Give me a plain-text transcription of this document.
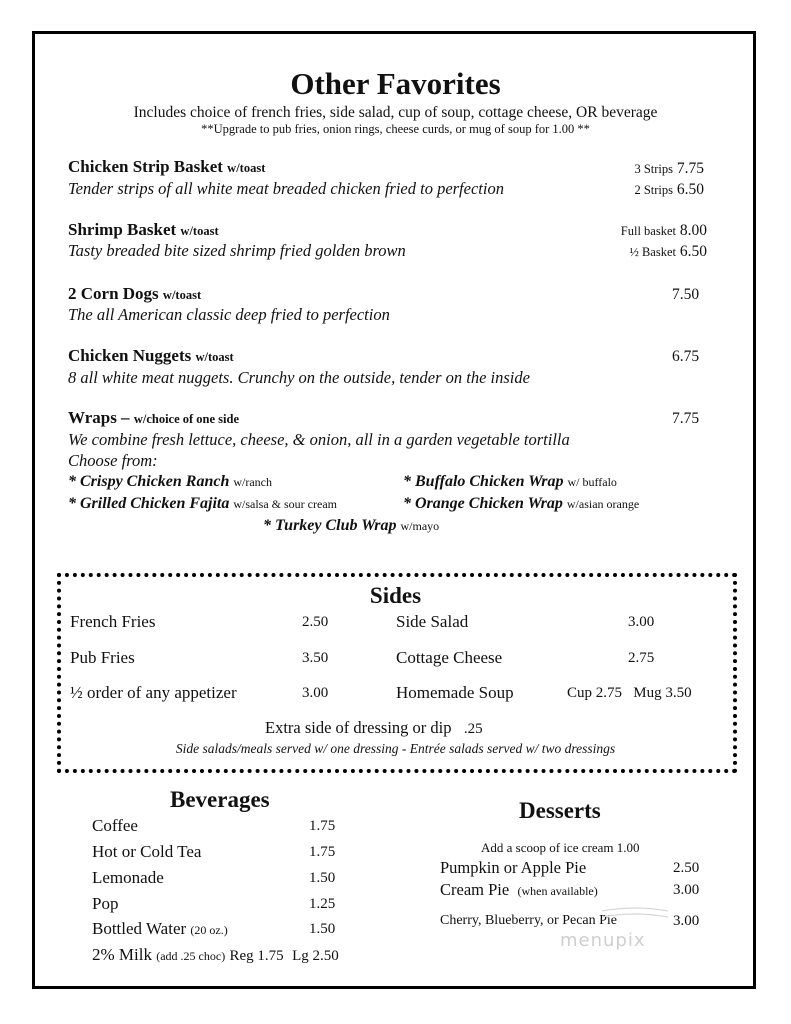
Other Favorites
Includes choice of french fries, side salad, cup of soup, cottage cheese, OR beverage
**Upgrade to pub fries, onion rings, cheese curds, or mug of soup for 1.00 **
Chicken Strip Basket w/toast
Tender strips of all white meat breaded chicken fried to perfection
3 Strips 7.75
2 Strips 6.50
Shrimp Basket w/toast
Tasty breaded bite sized shrimp fried golden brown
Full basket 8.00
½ Basket 6.50
2 Corn Dogs w/toast
The all American classic deep fried to perfection
7.50
Chicken Nuggets w/toast
8 all white meat nuggets. Crunchy on the outside, tender on the inside
6.75
Wraps – w/choice of one side
We combine fresh lettuce, cheese, & onion, all in a garden vegetable tortilla
7.75
Choose from:
* Crispy Chicken Ranch w/ranch	* Buffalo Chicken Wrap w/ buffalo
* Grilled Chicken Fajita w/salsa & sour cream	* Orange Chicken Wrap w/asian orange
* Turkey Club Wrap w/mayo
Sides
French Fries	2.50
Pub Fries	3.50
½ order of any appetizer	3.00
Side Salad	3.00
Cottage Cheese	2.75
Homemade Soup	Cup 2.75   Mug 3.50
Extra side of dressing or dip .25
Side salads/meals served w/ one dressing - Entrée salads served w/ two dressings
Beverages
Coffee	1.75
Hot or Cold Tea	1.75
Lemonade	1.50
Pop	1.25
Bottled Water (20 oz.)	1.50
2% Milk (add .25 choc) Reg 1.75 Lg 2.50
Desserts
Add a scoop of ice cream 1.00
Pumpkin or Apple Pie	2.50
Cream Pie (when available)	3.00
Cherry, Blueberry, or Pecan Pie	3.00
menupix
